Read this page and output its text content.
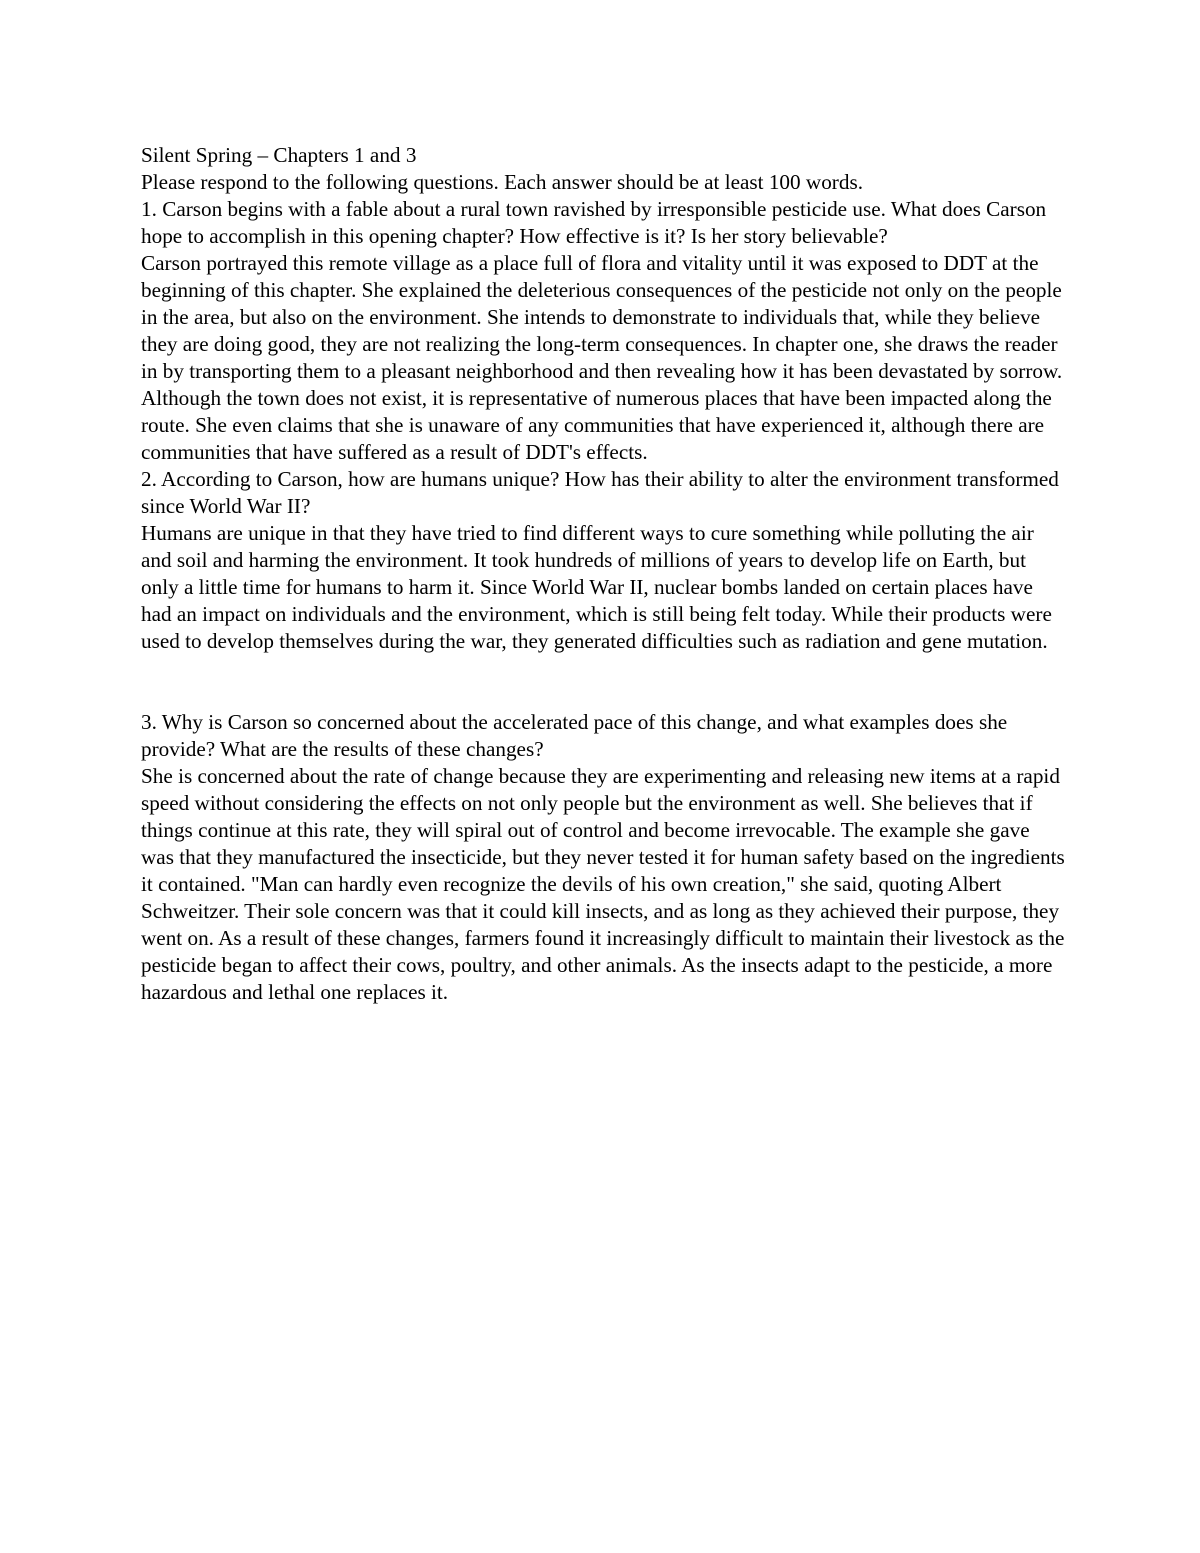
Silent Spring – Chapters 1 and 3

Please respond to the following questions. Each answer should be at least 100 words.

1. Carson begins with a fable about a rural town ravished by irresponsible pesticide use. What does Carson hope to accomplish in this opening chapter? How effective is it? Is her story believable?

Carson portrayed this remote village as a place full of flora and vitality until it was exposed to DDT at the beginning of this chapter. She explained the deleterious consequences of the pesticide not only on the people in the area, but also on the environment. She intends to demonstrate to individuals that, while they believe they are doing good, they are not realizing the long-term consequences. In chapter one, she draws the reader in by transporting them to a pleasant neighborhood and then revealing how it has been devastated by sorrow. Although the town does not exist, it is representative of numerous places that have been impacted along the route. She even claims that she is unaware of any communities that have experienced it, although there are communities that have suffered as a result of DDT's effects.

2. According to Carson, how are humans unique? How has their ability to alter the environment transformed since World War II?

Humans are unique in that they have tried to find different ways to cure something while polluting the air and soil and harming the environment. It took hundreds of millions of years to develop life on Earth, but only a little time for humans to harm it. Since World War II, nuclear bombs landed on certain places have had an impact on individuals and the environment, which is still being felt today. While their products were used to develop themselves during the war, they generated difficulties such as radiation and gene mutation.

3. Why is Carson so concerned about the accelerated pace of this change, and what examples does she provide? What are the results of these changes?

She is concerned about the rate of change because they are experimenting and releasing new items at a rapid speed without considering the effects on not only people but the environment as well. She believes that if things continue at this rate, they will spiral out of control and become irrevocable. The example she gave was that they manufactured the insecticide, but they never tested it for human safety based on the ingredients it contained. "Man can hardly even recognize the devils of his own creation," she said, quoting Albert Schweitzer. Their sole concern was that it could kill insects, and as long as they achieved their purpose, they went on. As a result of these changes, farmers found it increasingly difficult to maintain their livestock as the pesticide began to affect their cows, poultry, and other animals. As the insects adapt to the pesticide, a more hazardous and lethal one replaces it.
